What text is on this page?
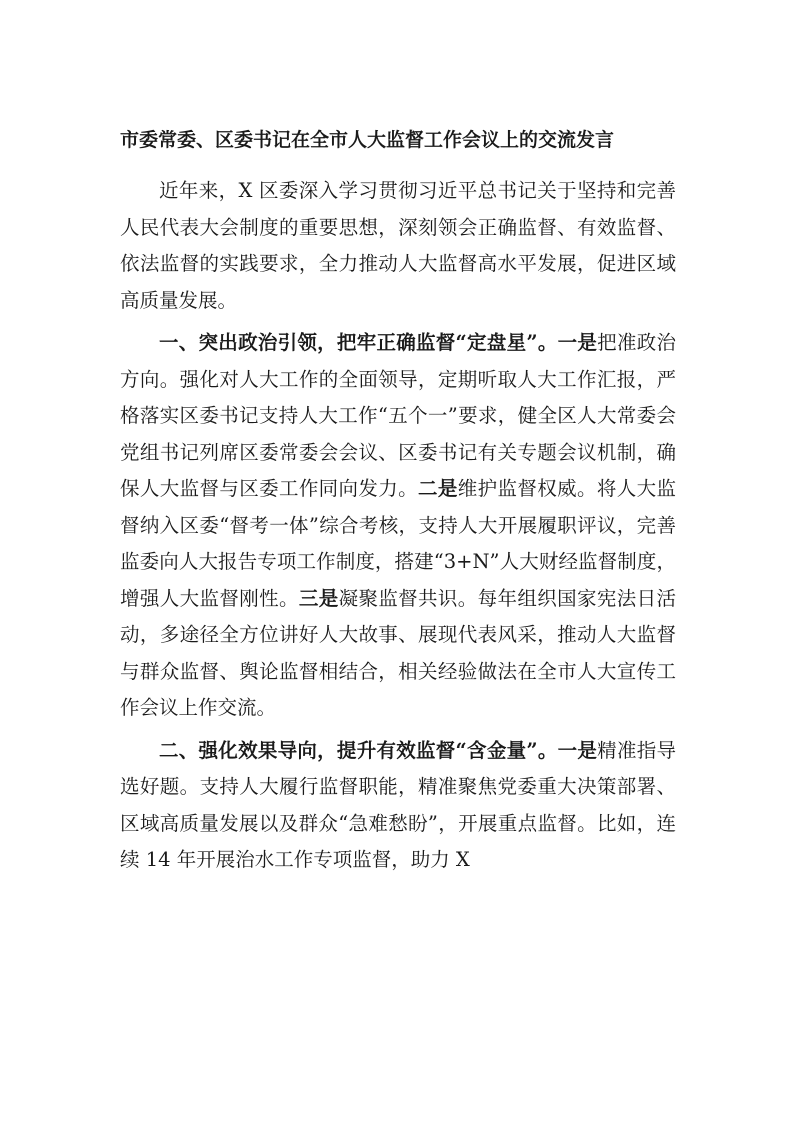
市委常委、区委书记在全市人大监督工作会议上的交流发言

近年来，X 区委深入学习贯彻习近平总书记关于坚持和完善人民代表大会制度的重要思想，深刻领会正确监督、有效监督、依法监督的实践要求，全力推动人大监督高水平发展，促进区域高质量发展。

一、突出政治引领，把牢正确监督“定盘星”。一是把准政治方向。强化对人大工作的全面领导，定期听取人大工作汇报，严格落实区委书记支持人大工作“五个一”要求，健全区人大常委会党组书记列席区委常委会会议、区委书记有关专题会议机制，确保人大监督与区委工作同向发力。二是维护监督权威。将人大监督纳入区委“督考一体”综合考核，支持人大开展履职评议，完善监委向人大报告专项工作制度，搭建“3+N”人大财经监督制度，增强人大监督刚性。三是凝聚监督共识。每年组织国家宪法日活动，多途径全方位讲好人大故事、展现代表风采，推动人大监督与群众监督、舆论监督相结合，相关经验做法在全市人大宣传工作会议上作交流。

二、强化效果导向，提升有效监督“含金量”。一是精准指导选好题。支持人大履行监督职能，精准聚焦党委重大决策部署、区域高质量发展以及群众“急难愁盼”，开展重点监督。比如，连续 14 年开展治水工作专项监督，助力 X
